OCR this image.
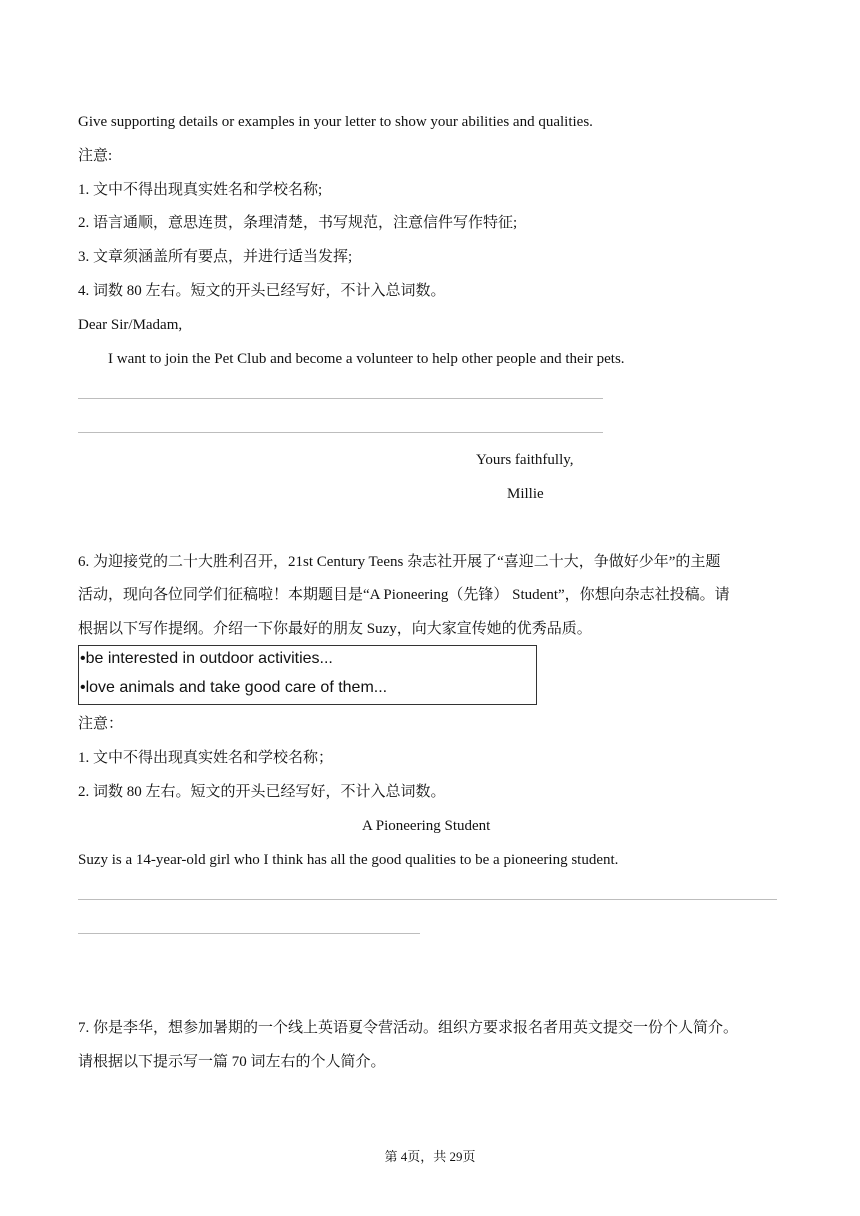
Give supporting details or examples in your letter to show your abilities and qualities.
注意:
1. 文中不得出现真实姓名和学校名称;
2. 语言通顺，意思连贯，条理清楚，书写规范，注意信件写作特征;
3. 文章须涵盖所有要点，并进行适当发挥;
4. 词数 80 左右。短文的开头已经写好，不计入总词数。
Dear Sir/Madam,
I want to join the Pet Club and become a volunteer to help other people and their pets.
Yours faithfully,
Millie
6. 为迎接党的二十大胜利召开，21st Century Teens 杂志社开展了“喜迎二十大，争做好少年”的主题
活动，现向各位同学们征稿啦！本期题目是“A Pioneering（先锋） Student”，你想向杂志社投稿。请
根据以下写作提纲。介绍一下你最好的朋友 Suzy，向大家宣传她的优秀品质。
•be interested in outdoor activities...
•love animals and take good care of them...
注意：
1. 文中不得出现真实姓名和学校名称；
2. 词数 80 左右。短文的开头已经写好，不计入总词数。
A Pioneering Student
Suzy is a 14-year-old girl who I think has all the good qualities to be a pioneering student.
7. 你是李华，想参加暑期的一个线上英语夏令营活动。组织方要求报名者用英文提交一份个人简介。
请根据以下提示写一篇 70 词左右的个人简介。
第 4页，共 29页
